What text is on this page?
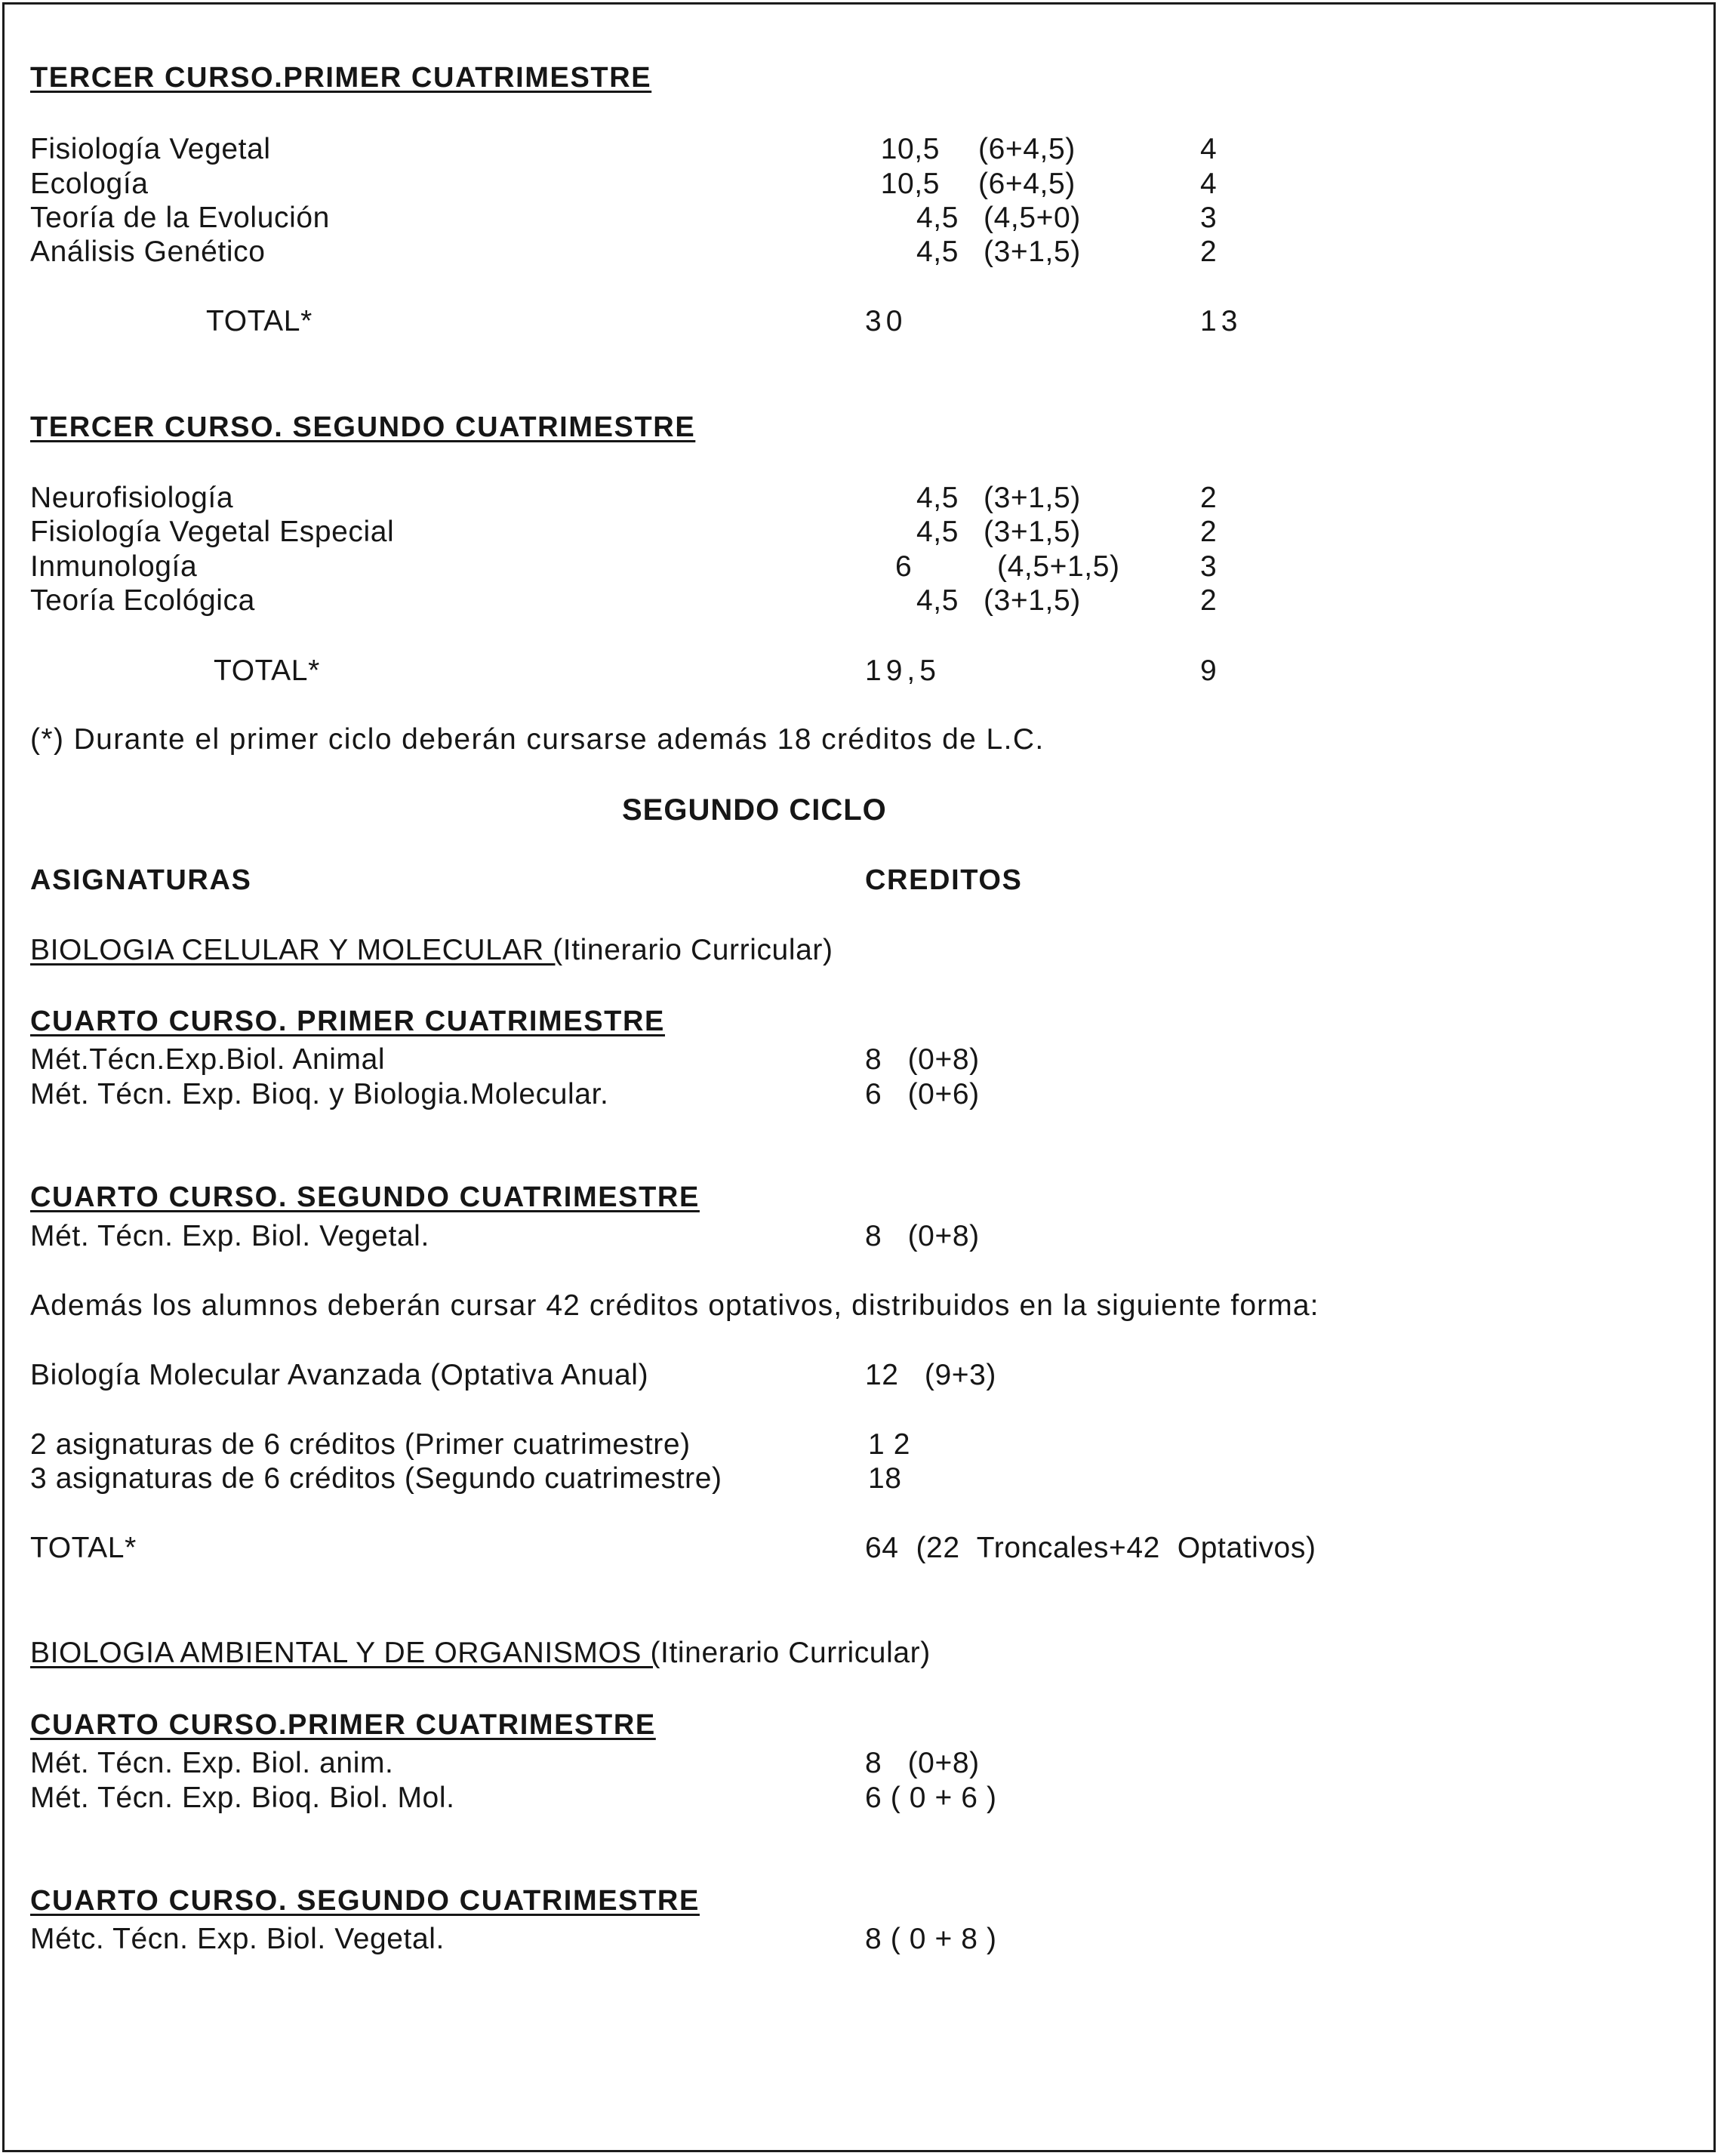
TERCER CURSO.PRIMER CUATRIMESTRE
Fisiología Vegetal	10,5 (6+4,5)	4
Ecología	10,5 (6+4,5)	4
Teoría de la Evolución	4,5 (4,5+0)	3
Análisis Genético	4,5 (3+1,5)	2
TOTAL*	30	13
TERCER CURSO. SEGUNDO CUATRIMESTRE
Neurofisiología	4,5 (3+1,5)	2
Fisiología Vegetal Especial	4,5 (3+1,5)	2
Inmunología	6	(4,5+1,5)	3
Teoría Ecológica	4,5 (3+1,5)	2
TOTAL*	19,5	9
(*) Durante el primer ciclo deberán cursarse además 18 créditos de L.C.
SEGUNDO CICLO
ASIGNATURAS	CREDITOS
BIOLOGIA CELULAR Y MOLECULAR (Itinerario Curricular)
CUARTO CURSO. PRIMER CUATRIMESTRE
Mét.Técn.Exp.Biol. Animal	8   (0+8)
Mét. Técn. Exp. Bioq. y Biologia.Molecular.	6   (0+6)
CUARTO CURSO. SEGUNDO CUATRIMESTRE
Mét. Técn. Exp. Biol. Vegetal.	8   (0+8)
Además los alumnos deberán cursar 42 créditos optativos, distribuidos en la siguiente forma:
Biología Molecular Avanzada (Optativa Anual)	12   (9+3)
2 asignaturas de 6 créditos (Primer cuatrimestre)	1 2
3 asignaturas de 6 créditos (Segundo cuatrimestre)	18
TOTAL*	64  (22  Troncales+42  Optativos)
BIOLOGIA AMBIENTAL Y DE ORGANISMOS (Itinerario Curricular)
CUARTO CURSO.PRIMER CUATRIMESTRE
Mét. Técn. Exp. Biol. anim.	8   (0+8)
Mét. Técn. Exp. Bioq. Biol. Mol.	6 ( 0 + 6 )
CUARTO CURSO. SEGUNDO CUATRIMESTRE
Métc. Técn. Exp. Biol. Vegetal.	8 ( 0 + 8 )
